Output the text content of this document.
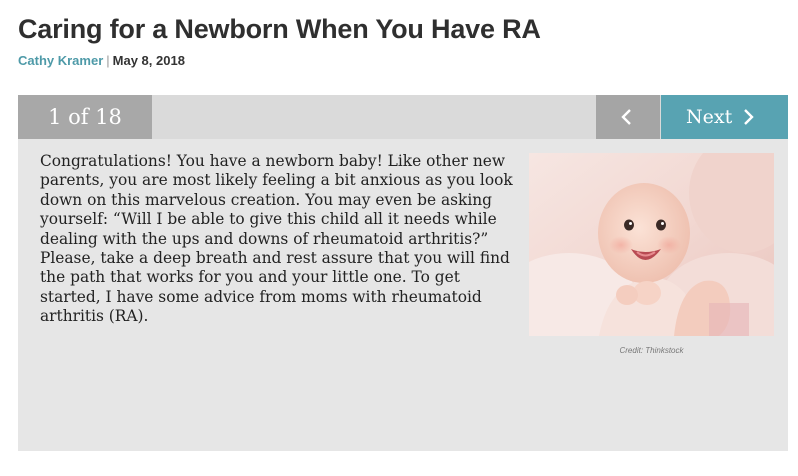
Caring for a Newborn When You Have RA
Cathy Kramer | May 8, 2018
1 of 18	Next

Congratulations! You have a newborn baby! Like other new parents, you are most likely feeling a bit anxious as you look down on this marvelous creation. You may even be asking yourself: “Will I be able to give this child all it needs while dealing with the ups and downs of rheumatoid arthritis?” Please, take a deep breath and rest assure that you will find the path that works for you and your little one. To get started, I have some advice from moms with rheumatoid arthritis (RA).

Credit: Thinkstock
